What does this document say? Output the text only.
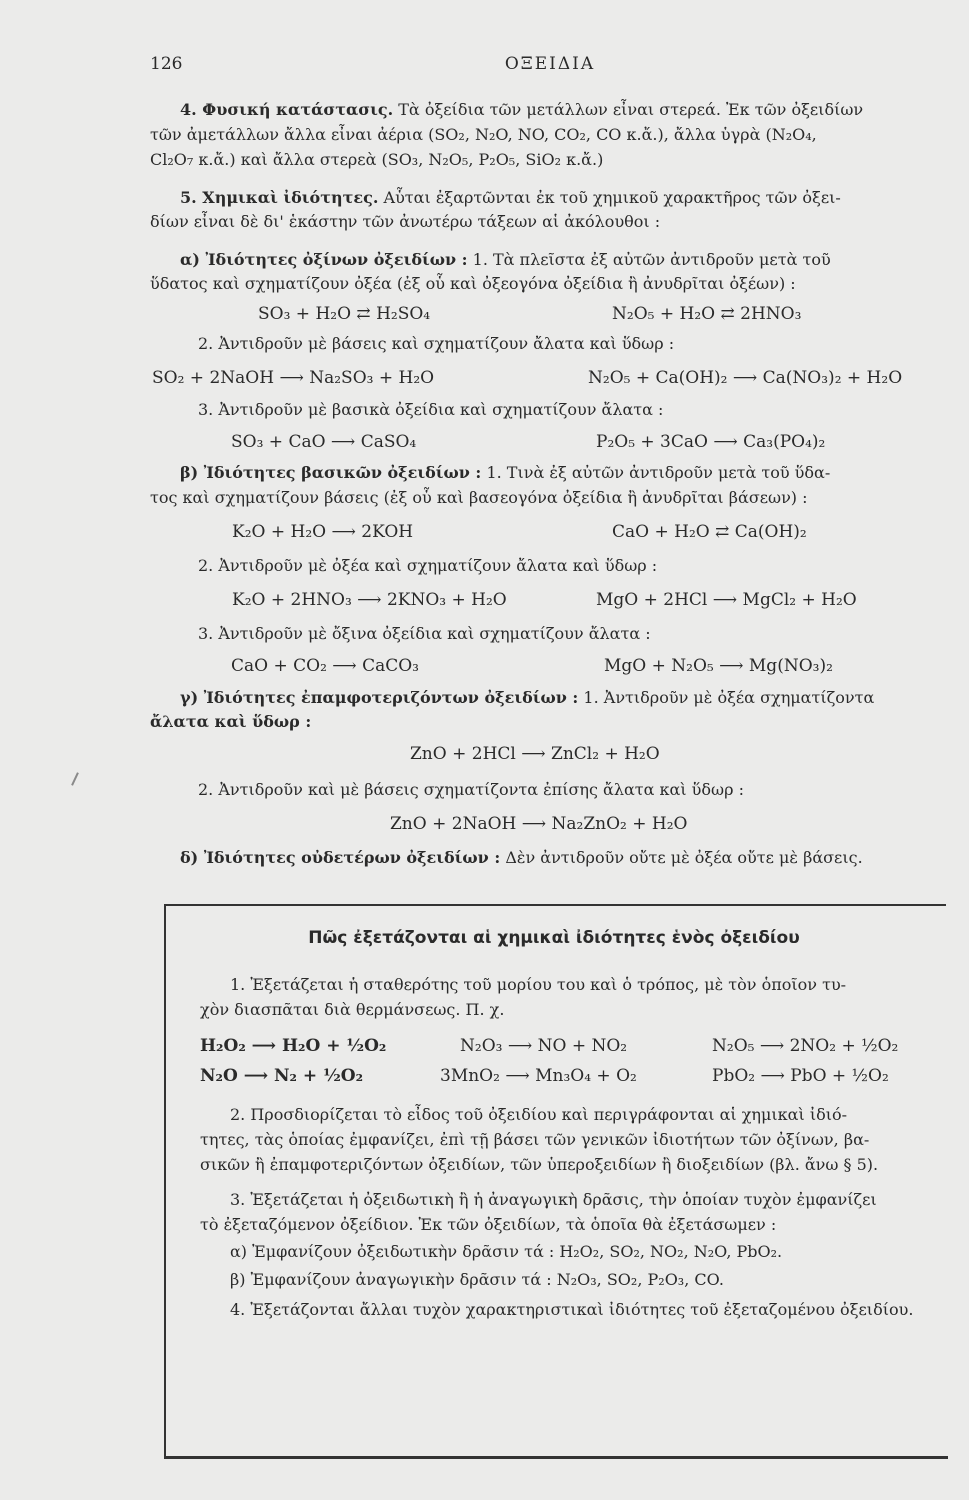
126	ΟΞΕΙΔΙΑ
4. Φυσική κατάστασις. Τὰ ὀξείδια τῶν μετάλλων εἶναι στερεά. Ἐκ τῶν ὀξειδίων
τῶν ἀμετάλλων ἄλλα εἶναι ἀέρια (SO₂, N₂O, NO, CO₂, CO κ.ἄ.), ἄλλα ὑγρὰ (N₂O₄,
Cl₂O₇ κ.ἄ.) καὶ ἄλλα στερεὰ (SO₃, N₂O₅, P₂O₅, SiO₂ κ.ἄ.)
5. Χημικαὶ ἰδιότητες. Αὗται ἐξαρτῶνται ἐκ τοῦ χημικοῦ χαρακτῆρος τῶν ὀξει-
δίων εἶναι δὲ δι' ἑκάστην τῶν ἀνωτέρω τάξεων αἱ ἀκόλουθοι :
α) Ἰδιότητες ὀξίνων ὀξειδίων : 1. Τὰ πλεῖστα ἐξ αὐτῶν ἀντιδροῦν μετὰ τοῦ
ὕδατος καὶ σχηματίζουν ὀξέα (ἐξ οὗ καὶ ὀξεογόνα ὀξείδια ἢ ἀνυδρῖται ὀξέων) :
SO₃ + H₂O ⇄ H₂SO₄	N₂O₅ + H₂O ⇄ 2HNO₃
2. Ἀντιδροῦν μὲ βάσεις καὶ σχηματίζουν ἄλατα καὶ ὕδωρ :
SO₂ + 2NaOH ⟶ Na₂SO₃ + H₂O	N₂O₅ + Ca(OH)₂ ⟶ Ca(NO₃)₂ + H₂O
3. Ἀντιδροῦν μὲ βασικὰ ὀξείδια καὶ σχηματίζουν ἄλατα :
SO₃ + CaO ⟶ CaSO₄	P₂O₅ + 3CaO ⟶ Ca₃(PO₄)₂
β) Ἰδιότητες βασικῶν ὀξειδίων : 1. Τινὰ ἐξ αὐτῶν ἀντιδροῦν μετὰ τοῦ ὕδα-
τος καὶ σχηματίζουν βάσεις (ἐξ οὗ καὶ βασεογόνα ὀξείδια ἢ ἀνυδρῖται βάσεων) :
K₂O + H₂O ⟶ 2KOH	CaO + H₂O ⇄ Ca(OH)₂
2. Ἀντιδροῦν μὲ ὀξέα καὶ σχηματίζουν ἄλατα καὶ ὕδωρ :
K₂O + 2HNO₃ ⟶ 2KNO₃ + H₂O	MgO + 2HCl ⟶ MgCl₂ + H₂O
3. Ἀντιδροῦν μὲ ὄξινα ὀξείδια καὶ σχηματίζουν ἄλατα :
CaO + CO₂ ⟶ CaCO₃	MgO + N₂O₅ ⟶ Mg(NO₃)₂
γ) Ἰδιότητες ἐπαμφοτεριζόντων ὀξειδίων : 1. Ἀντιδροῦν μὲ ὀξέα σχηματίζοντα
ἄλατα καὶ ὕδωρ :
ZnO + 2HCl ⟶ ZnCl₂ + H₂O
2. Ἀντιδροῦν καὶ μὲ βάσεις σχηματίζοντα ἐπίσης ἄλατα καὶ ὕδωρ :
ZnO + 2NaOH ⟶ Na₂ZnO₂ + H₂O
δ) Ἰδιότητες οὐδετέρων ὀξειδίων : Δὲν ἀντιδροῦν οὔτε μὲ ὀξέα οὔτε μὲ βάσεις.
Πῶς ἐξετάζονται αἱ χημικαὶ ἰδιότητες ἑνὸς ὀξειδίου
1. Ἐξετάζεται ἡ σταθερότης τοῦ μορίου του καὶ ὁ τρόπος, μὲ τὸν ὁποῖον τυ-
χὸν διασπᾶται διὰ θερμάνσεως. Π. χ.
H₂O₂ ⟶ H₂O + ½O₂	N₂O₃ ⟶ NO + NO₂	N₂O₅ ⟶ 2NO₂ + ½O₂
N₂O ⟶ N₂ + ½O₂	3MnO₂ ⟶ Mn₃O₄ + O₂	PbO₂ ⟶ PbO + ½O₂
2. Προσδιορίζεται τὸ εἶδος τοῦ ὀξειδίου καὶ περιγράφονται αἱ χημικαὶ ἰδιό-
τητες, τὰς ὁποίας ἐμφανίζει, ἐπὶ τῇ βάσει τῶν γενικῶν ἰδιοτήτων τῶν ὀξίνων, βα-
σικῶν ἢ ἐπαμφοτεριζόντων ὀξειδίων, τῶν ὑπεροξειδίων ἢ διοξειδίων (βλ. ἄνω § 5).
3. Ἐξετάζεται ἡ ὀξειδωτικὴ ἢ ἡ ἀναγωγικὴ δρᾶσις, τὴν ὁποίαν τυχὸν ἐμφανίζει
τὸ ἐξεταζόμενον ὀξείδιον. Ἐκ τῶν ὀξειδίων, τὰ ὁποῖα θὰ ἐξετάσωμεν :
α) Ἐμφανίζουν ὀξειδωτικὴν δρᾶσιν τά : H₂O₂, SO₂, NO₂, N₂O, PbO₂.
β) Ἐμφανίζουν ἀναγωγικὴν δρᾶσιν τά : N₂O₃, SO₂, P₂O₃, CO.
4. Ἐξετάζονται ἄλλαι τυχὸν χαρακτηριστικαὶ ἰδιότητες τοῦ ἐξεταζομένου ὀξειδίου.
